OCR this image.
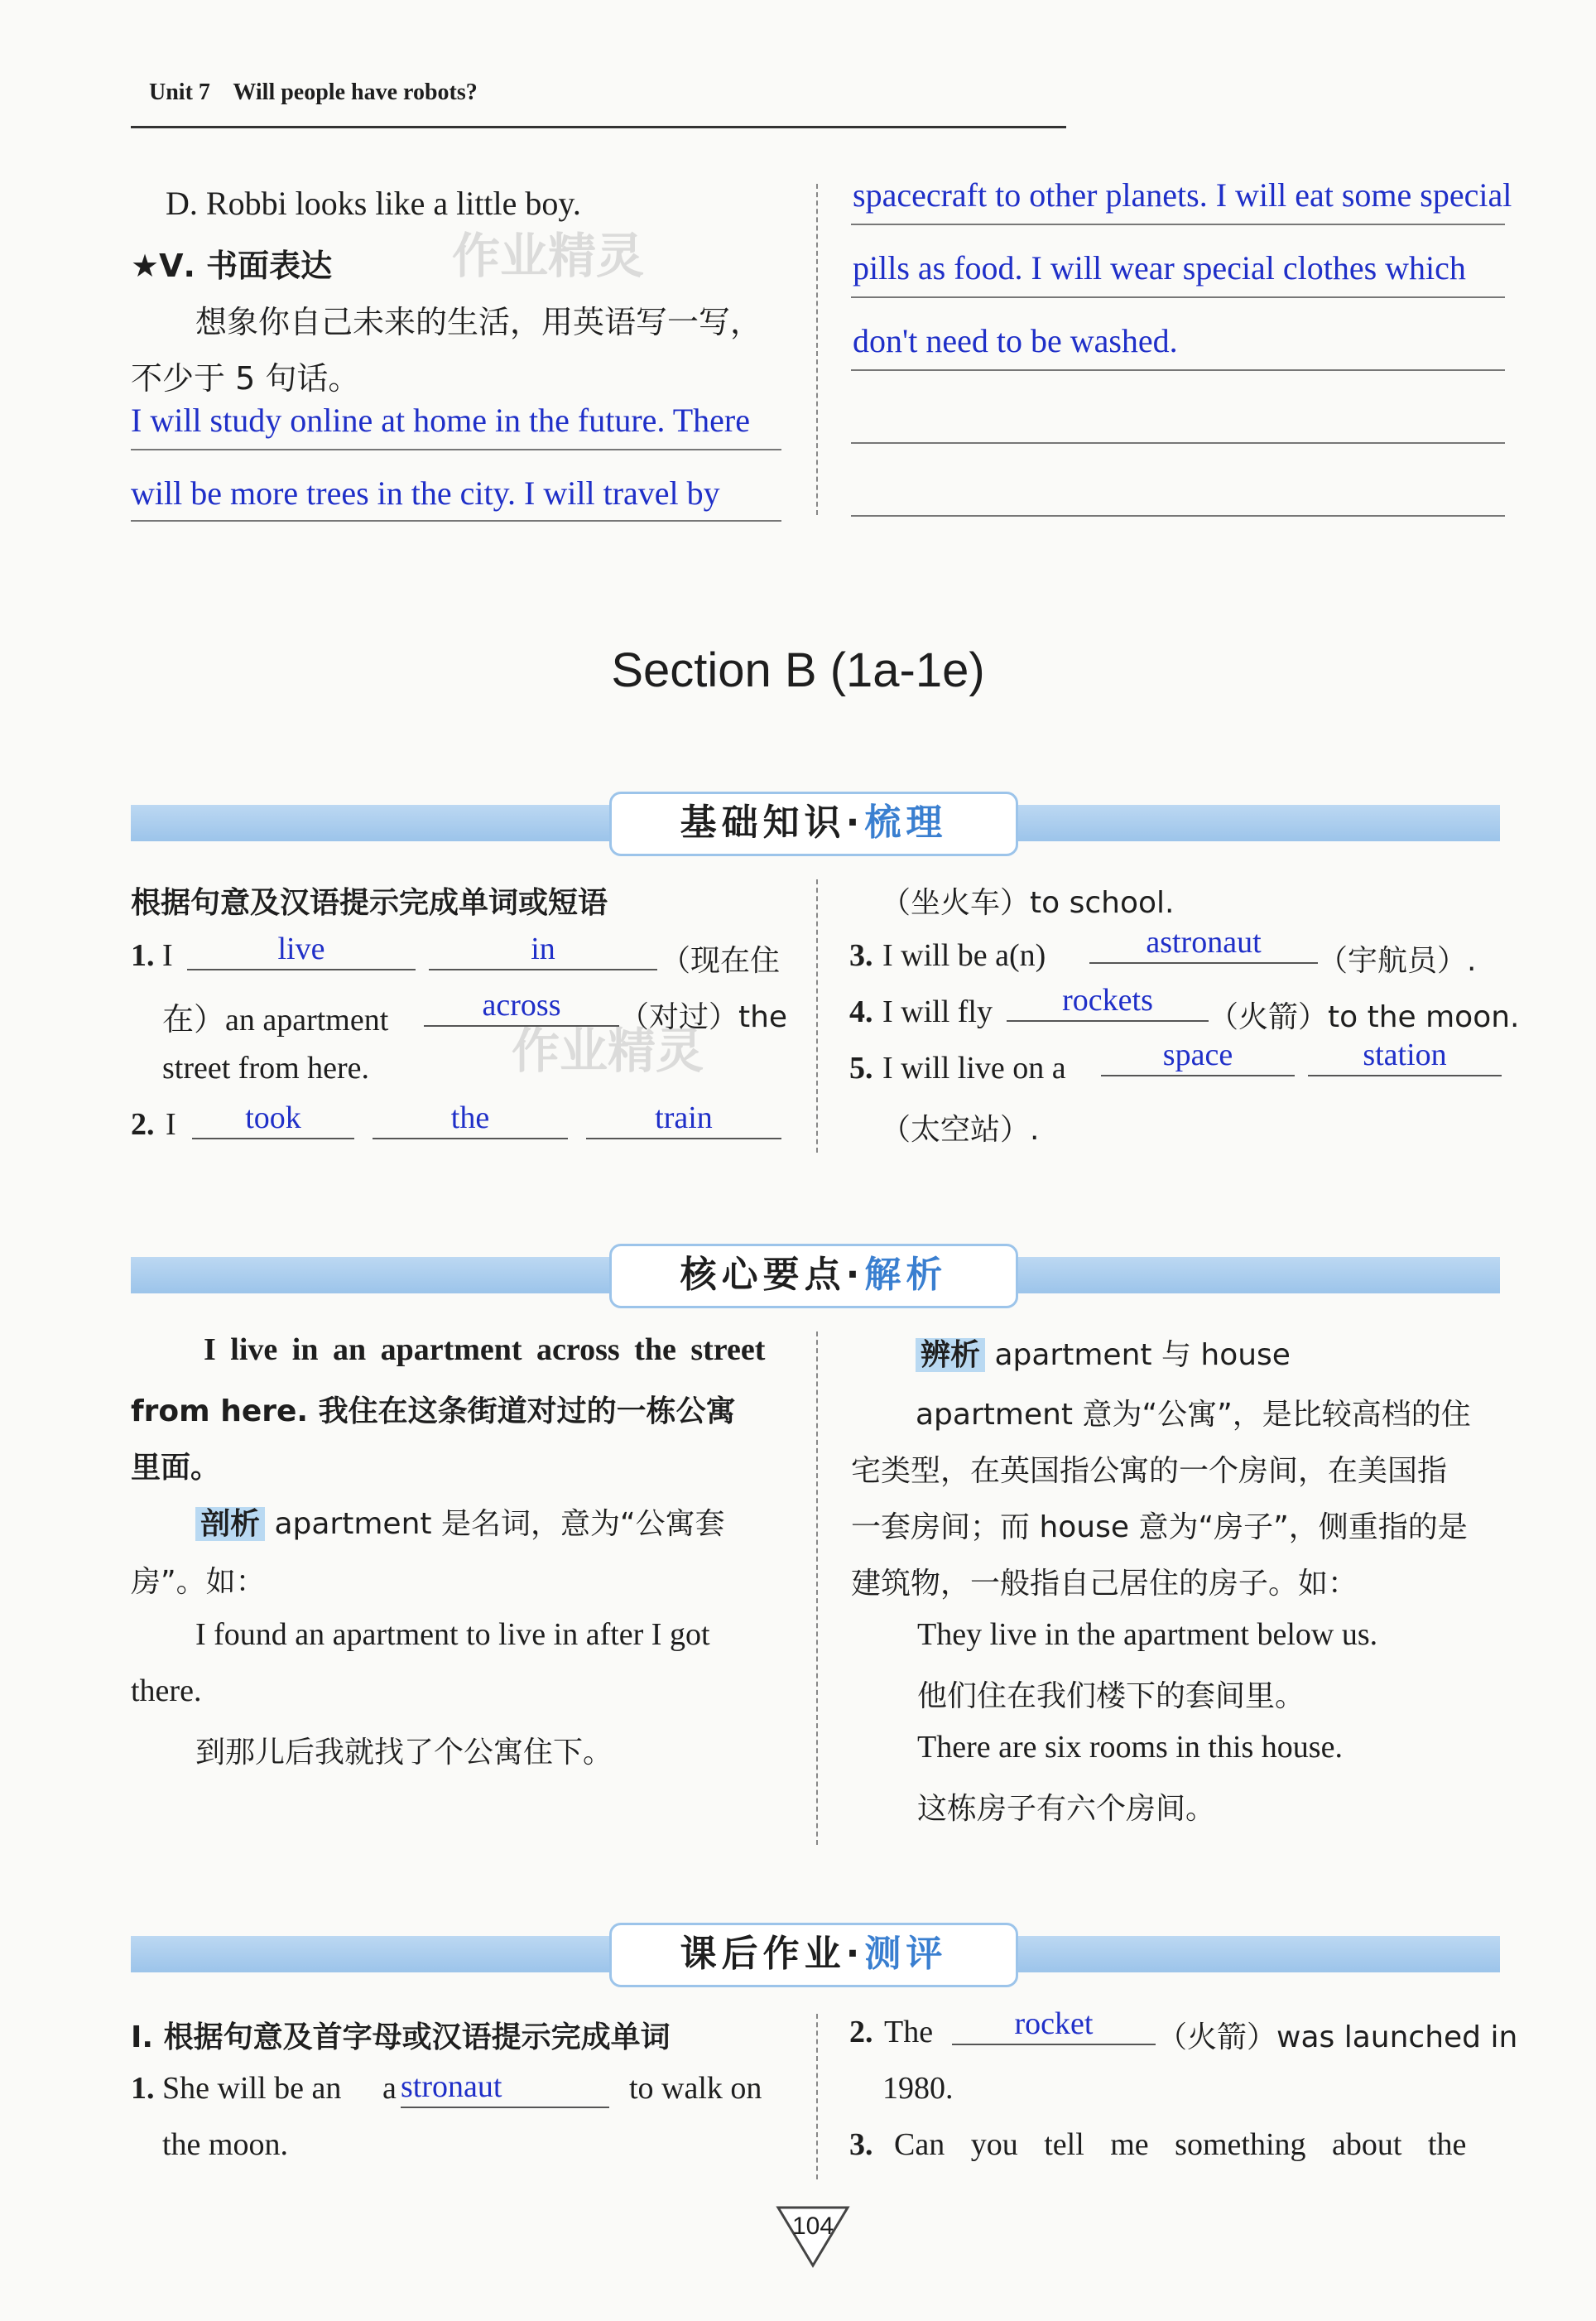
Unit 7 Will people have robots?
D. Robbi looks like a little boy.
★Ⅴ. 书面表达
想象你自己未来的生活，用英语写一写，
不少于 5 句话。
I will study online at home in the future. There
will be more trees in the city. I will travel by
spacecraft to other planets. I will eat some special
pills as food. I will wear special clothes which
don't need to be washed.
作业精灵
作业精灵
Section B (1a-1e)
基础知识·梳理
根据句意及汉语提示完成单词或短语
1. I	live	in	（现在住
在）an apartment	across	（对过）the
street from here.
2. I	took	the	train
（坐火车）to school.
3. I will be a(n)	astronaut
（宇航员）.
4. I will fly	rockets	（火箭）to the moon.
5. I will live on a	space	station
（太空站）.
核心要点·解析
I live in an apartment across the street
from here. 我住在这条街道对过的一栋公寓
里面。
剖析 apartment 是名词，意为“公寓套
房”。如：
I found an apartment to live in after I got
there.
到那儿后我就找了个公寓住下。
辨析 apartment 与 house
apartment 意为“公寓”，是比较高档的住
宅类型，在英国指公寓的一个房间，在美国指
一套房间；而 house 意为“房子”，侧重指的是
建筑物，一般指自己居住的房子。如：
They live in the apartment below us.
他们住在我们楼下的套间里。
There are six rooms in this house.
这栋房子有六个房间。
课后作业·测评
Ⅰ. 根据句意及首字母或汉语提示完成单词
1. She will be an a stronaut	to walk on
the moon.
2. The	rocket	（火箭）was launched in
1980.
3. Can you tell me something about the
104
